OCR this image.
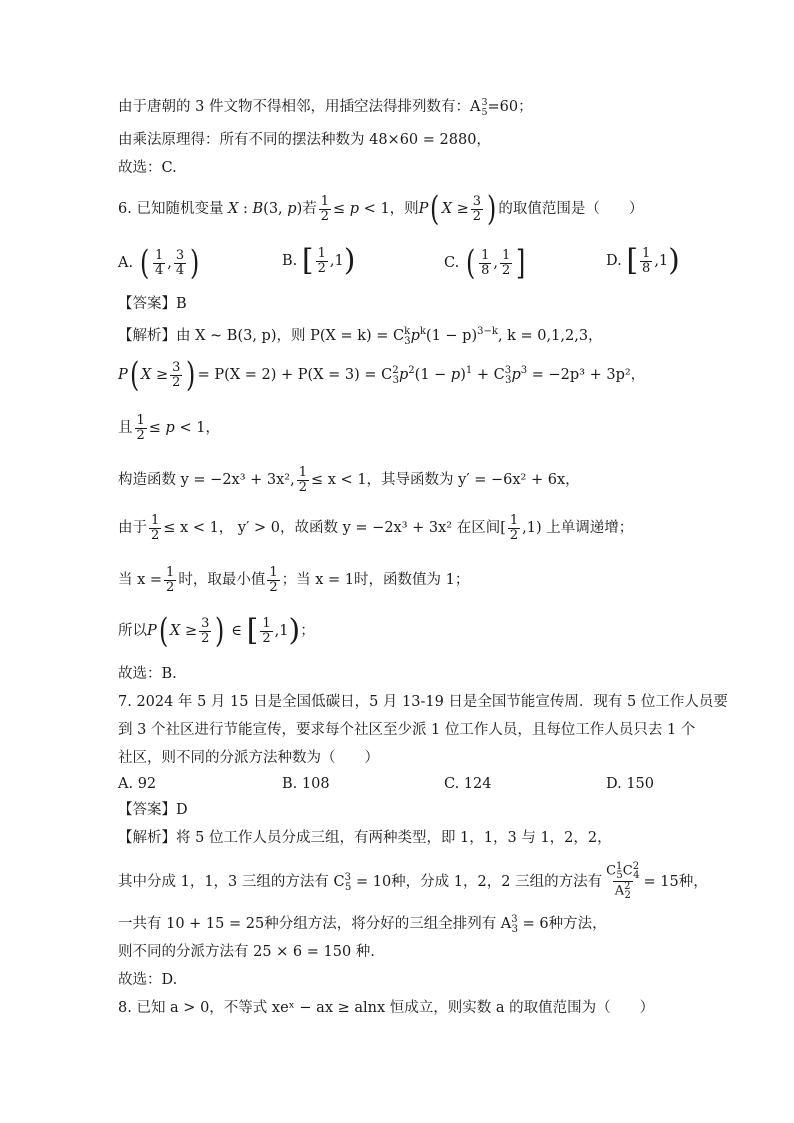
由于唐朝的 3 件文物不得相邻，用插空法得排列数有：A 3
5 =60；
由乘法原理得：所有不同的摆法种数为 48×60 = 2880，
故选：C.
6. 已知随机变量 X : B(3, p)若 $\frac{1}{2} \le p < 1$，则P( $X \ge \frac{3}{2}$ ) 的取值范围是（　　）
A. ( $\frac{1}{4}$ , $\frac{3}{4}$ )	B. [ $\frac{1}{2} ,1$)	C. ( $\frac{1}{8}$ , $\frac{1}{2}$ ]	D. [ $\frac{1}{8} ,1$)
【答案】B
【解析】由 X ~ B(3, p)，则 $P(X = k) = C^k_3p^k(1 - p)^{3-k}$, k = 0,1,2,3，
P( $X \ge \frac{3}{2}$ ) = $P(X = 2) + P(X = 3) = C^2_3p^2(1 - p)^1 + C^3_3p^3 = -2p^3 + 3p^2$，
且 $\frac{1}{2} \le p < 1$，
构造函数 y = −2x³ + 3x², $\frac{1}{2} \le x < 1$，其导函数为 y′ = −6x² + 6x，
由于 $\frac{1}{2} \le x < 1$， y′ > 0，故函数 y = −2x³ + 3x² 在区间[ $\frac{1}{2} ,1$) 上单调递增；
当 $x = \frac{1}{2}$ 时，取最小值 $\frac{1}{2}$ ；当 x = 1时，函数值为 1；
所以P( $X \ge \frac{3}{2}$ ) ∈ [ $\frac{1}{2} ,1$)；
故选：B.
7. 2024 年 5 月 15 日是全国低碳日，5 月 13-19 日是全国节能宣传周．现有 5 位工作人员要
到 3 个社区进行节能宣传，要求每个社区至少派 1 位工作人员，且每位工作人员只去 1 个
社区，则不同的分派方法种数为（　　）
A. 92	B. 108	C. 124	D. 150
【答案】D
【解析】将 5 位工作人员分成三组，有两种类型，即 1，1，3 与 1，2，2，
其中分成 1，1，3 三组的方法有 $C^3_5 = 10$种，分成 1，2，2 三组的方法有 $\frac{C^1_5C^2_4}{A^2_2} = 15$种，
一共有 10 + 15 = 25种分组方法，将分好的三组全排列有 $A^3_3 = 6$种方法，
则不同的分派方法有 25 × 6 = 150 种.
故选：D.
8. 已知 a > 0，不等式 xeˣ − ax ≥ alnx 恒成立，则实数 a 的取值范围为（　　）
